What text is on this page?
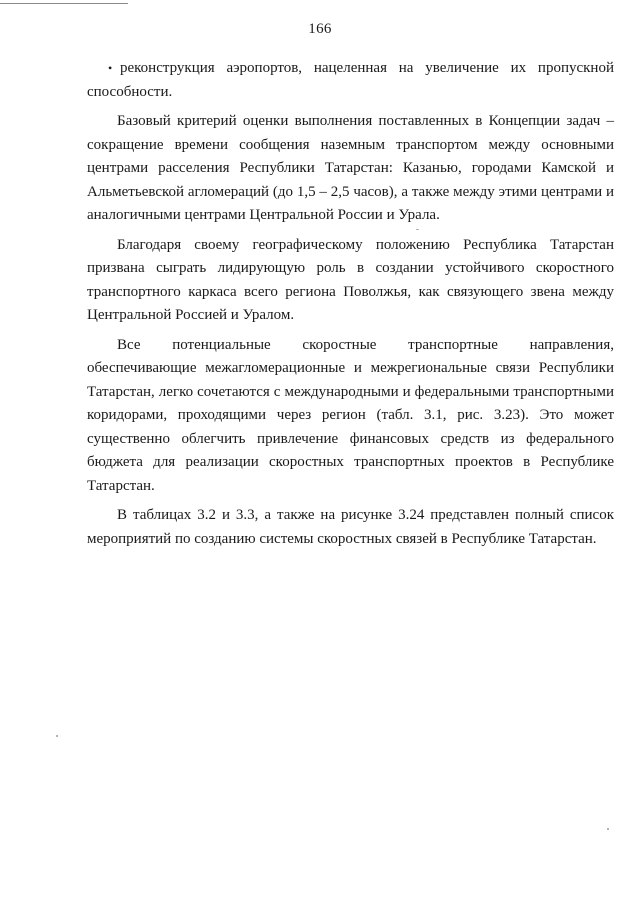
166

• реконструкция аэропортов, нацеленная на увеличение их пропускной способности.

Базовый критерий оценки выполнения поставленных в Концепции задач – сокращение времени сообщения наземным транспортом между основными центрами расселения Республики Татарстан: Казанью, городами Камской и Альметьевской агломераций (до 1,5 – 2,5 часов), а также между этими центрами и аналогичными центрами Центральной России и Урала.

Благодаря своему географическому положению Республика Татарстан призвана сыграть лидирующую роль в создании устойчивого скоростного транспортного каркаса всего региона Поволжья, как связующего звена между Центральной Россией и Уралом.

Все потенциальные скоростные транспортные направления, обеспечивающие межагломерационные и межрегиональные связи Республики Татарстан, легко сочетаются с международными и федеральными транспортными коридорами, проходящими через регион (табл. 3.1, рис. 3.23). Это может существенно облегчить привлечение финансовых средств из федерального бюджета для реализации скоростных транспортных проектов в Республике Татарстан.

В таблицах 3.2 и 3.3, а также на рисунке 3.24 представлен полный список мероприятий по созданию системы скоростных связей в Республике Татарстан.
